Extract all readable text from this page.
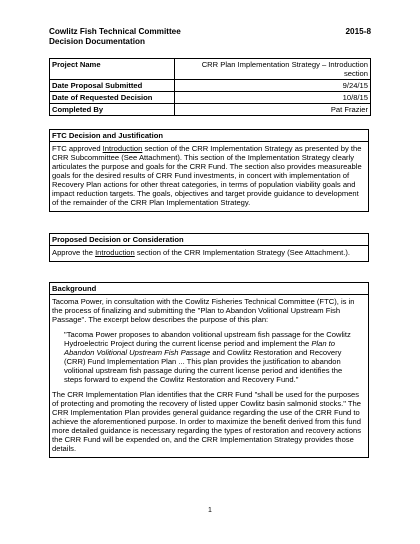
Cowlitz Fish Technical Committee
Decision Documentation
2015-8
Project Name	CRR Plan Implementation Strategy – Introduction section
Date Proposal Submitted	9/24/15
Date of Requested Decision	10/8/15
Completed By	Pat Frazier
FTC Decision and Justification
FTC approved Introduction section of the CRR Implementation Strategy as presented by the CRR Subcommittee (See Attachment). This section of the Implementation Strategy clearly articulates the purpose and goals for the CRR Fund. The section also provides measureable goals for the desired results of CRR Fund investments, in concert with implementation of Recovery Plan actions for other threat categories, in terms of population viability goals and impact reduction targets. The goals, objectives and target provide guidance to development of the remainder of the CRR Plan Implementation Strategy.
Proposed Decision or Consideration
Approve the Introduction section of the CRR Implementation Strategy (See Attachment.).
Background

Tacoma Power, in consultation with the Cowlitz Fisheries Technical Committee (FTC), is in the process of finalizing and submitting the "Plan to Abandon Volitional Upstream Fish Passage". The excerpt below describes the purpose of this plan:

"Tacoma Power proposes to abandon volitional upstream fish passage for the Cowlitz Hydroelectric Project during the current license period and implement the Plan to Abandon Volitional Upstream Fish Passage and Cowlitz Restoration and Recovery (CRR) Fund Implementation Plan ... This plan provides the justification to abandon volitional upstream fish passage during the current license period and identifies the steps forward to expend the Cowlitz Restoration and Recovery Fund."

The CRR Implementation Plan identifies that the CRR Fund "shall be used for the purposes of protecting and promoting the recovery of listed upper Cowlitz basin salmonid stocks." The CRR Implementation Plan provides general guidance regarding the use of the CRR Fund to achieve the aforementioned purpose. In order to maximize the benefit derived from this fund more detailed guidance is necessary regarding the types of restoration and recovery actions the CRR Fund will be expended on, and the CRR Implementation Strategy provides those details.

1
